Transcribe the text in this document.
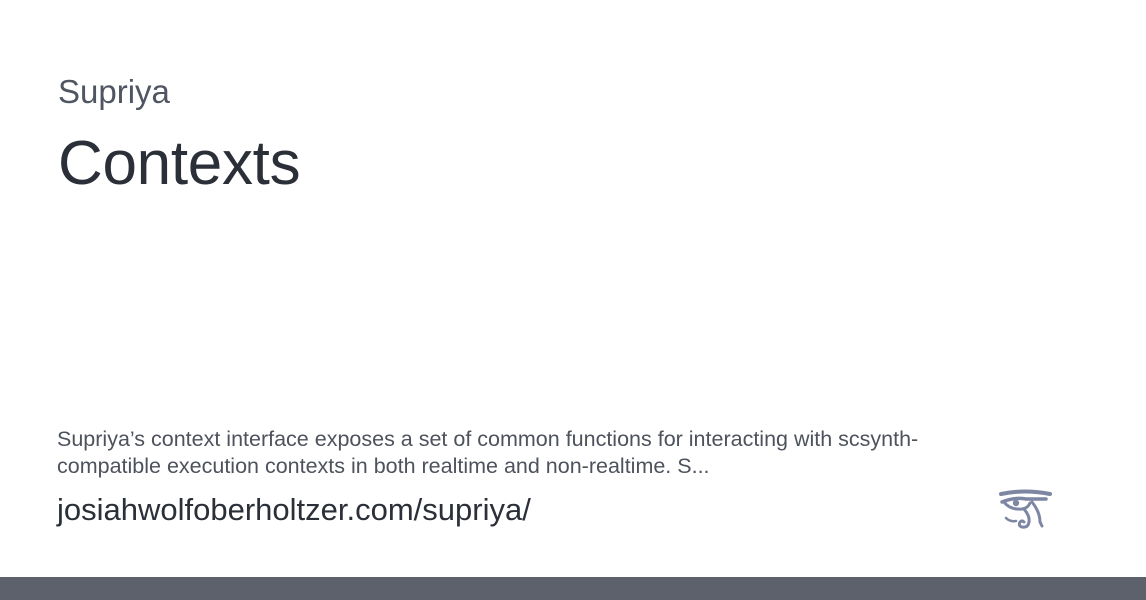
Supriya
Contexts
Supriya’s context interface exposes a set of common functions for interacting with scsynth-compatible execution contexts in both realtime and non-realtime. S...
josiahwolfoberholtzer.com/supriya/
